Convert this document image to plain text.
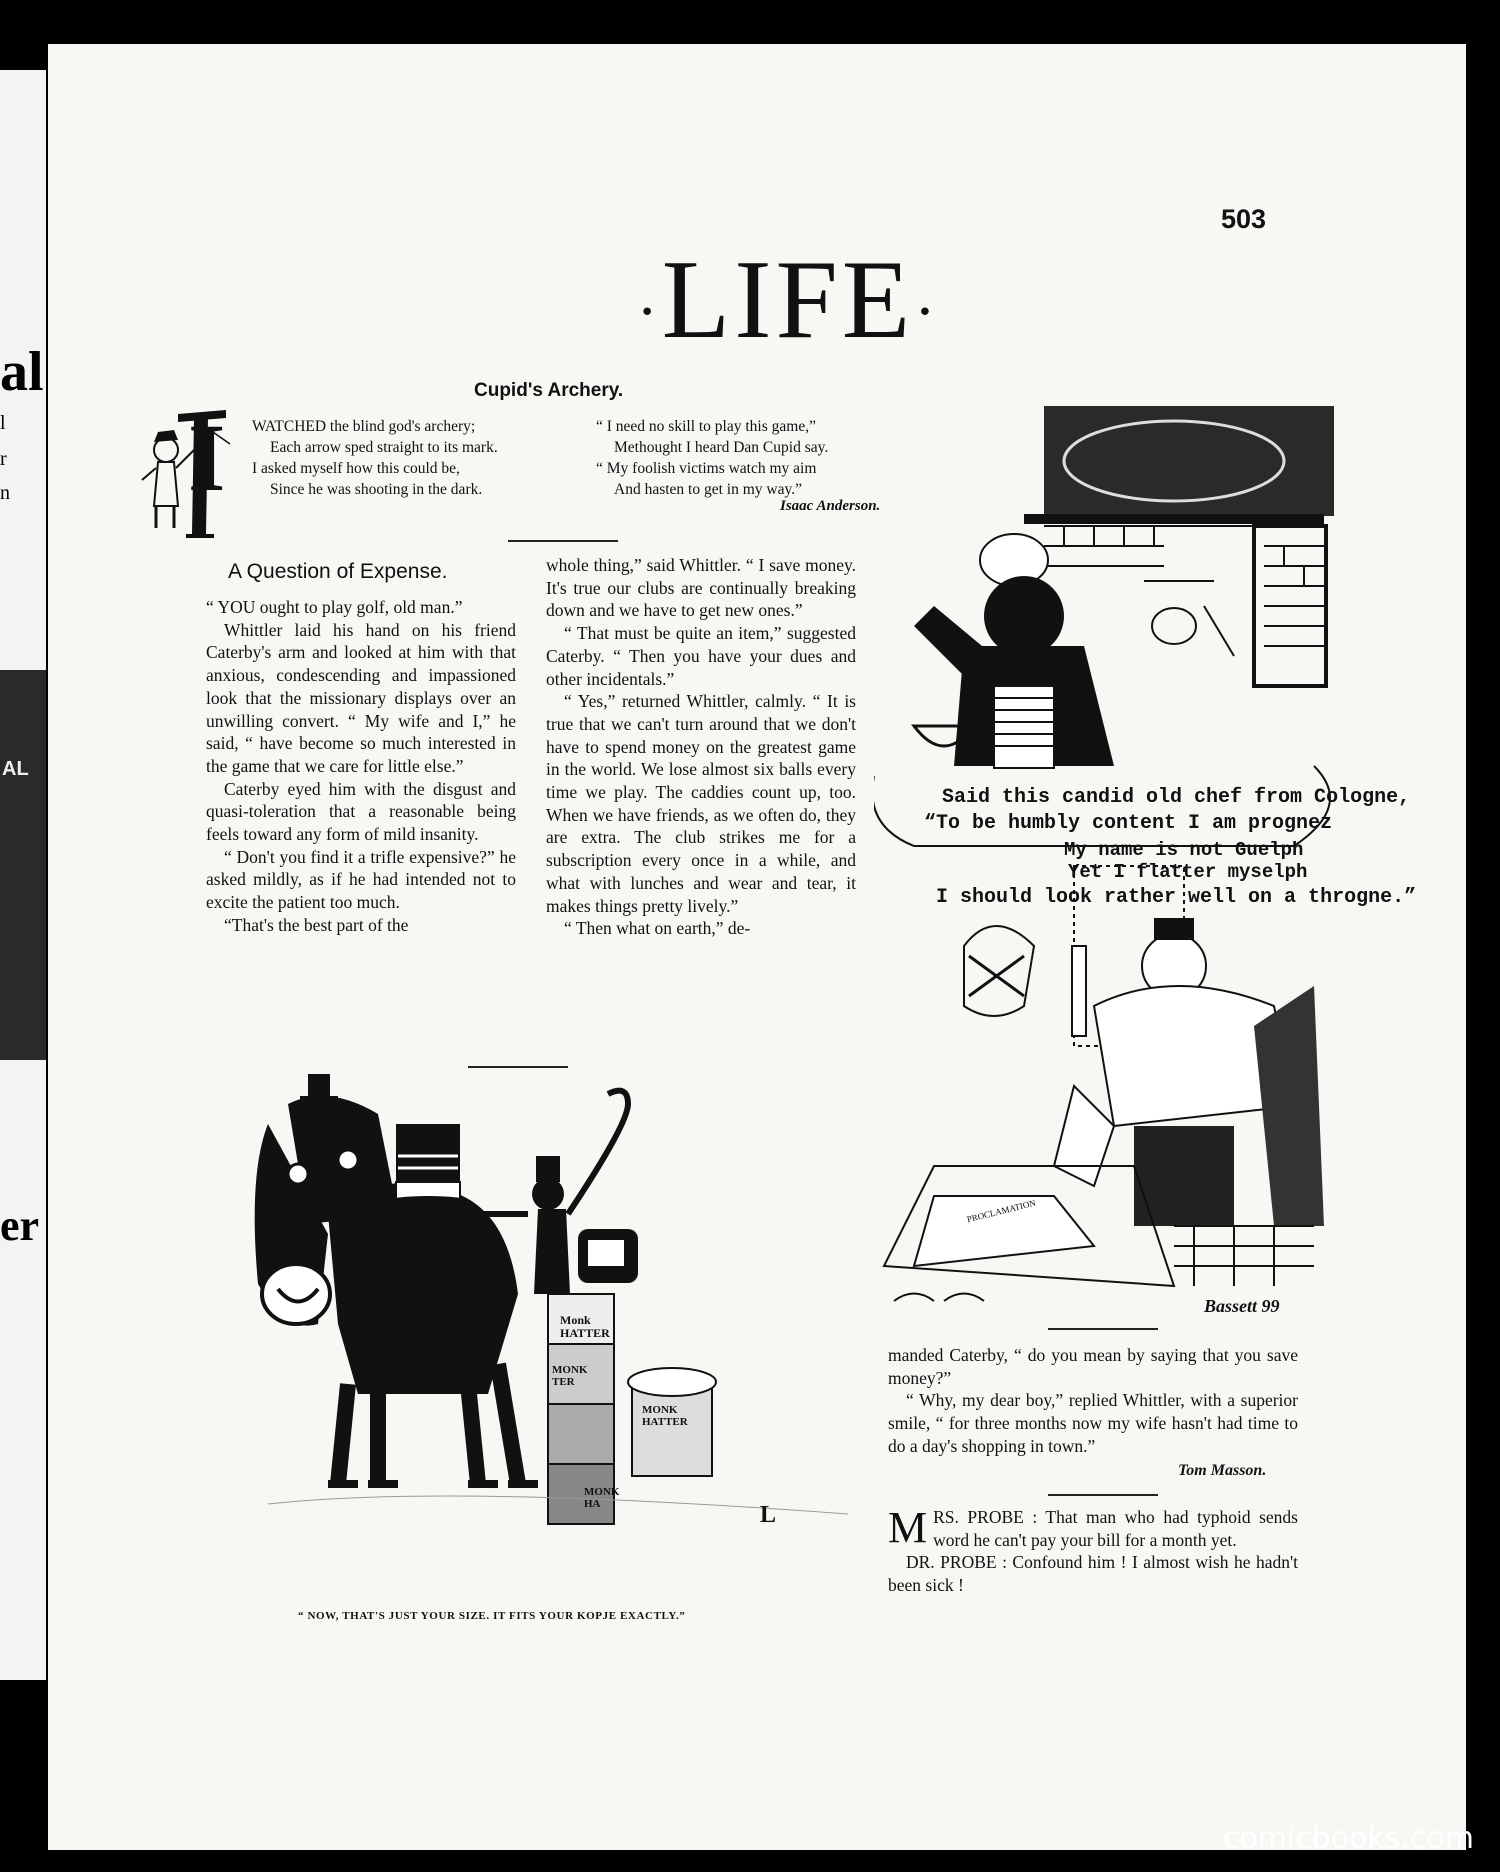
al
l
r
n
AL
er
503
·LIFE·
Cupid's Archery.
I WATCHED the blind god's archery;
Each arrow sped straight to its mark.
I asked myself how this could be,
Since he was shooting in the dark.
“ I need no skill to play this game,”
Methought I heard Dan Cupid say.
“ My foolish victims watch my aim
And hasten to get in my way.”
Isaac Anderson.
A Question of Expense.

“ YOU ought to play golf, old man.”

Whittler laid his hand on his friend Caterby's arm and looked at him with that anxious, condescending and impassioned look that the missionary displays over an unwilling convert. “ My wife and I,” he said, “ have become so much interested in the game that we care for little else.”

Caterby eyed him with the disgust and quasi-toleration that a reasonable being feels toward any form of mild insanity.

“ Don't you find it a trifle expensive?” he asked mildly, as if he had intended not to excite the patient too much.

“That's the best part of the

whole thing,” said Whittler. “ I save money. It's true our clubs are continually breaking down and we have to get new ones.”

“ That must be quite an item,” suggested Caterby. “ Then you have your dues and other incidentals.”

“ Yes,” returned Whittler, calmly. “ It is true that we can't turn around that we don't have to spend money on the greatest game in the world. We lose almost six balls every time we play. The caddies count up, too. When we have friends, as we often do, they are extra. The club strikes me for a subscription every once in a while, and what with lunches and wear and tear, it makes things pretty lively.”

“ Then what on earth,” de-

Said this candid old chef from Cologne,
“To be humbly content I am prognez
My name is not Guelph
Yet I flatter myselph
I should look rather well on a throgne.”
PROCLAMATION
Bassett 99
Monk HATTER
MONK TER
MONK HA
MONK HATTER
L
“ NOW, THAT'S JUST YOUR SIZE. IT FITS YOUR KOPJE EXACTLY.”

manded Caterby, “ do you mean by saying that you save money?”

“ Why, my dear boy,” replied Whittler, with a superior smile, “ for three months now my wife hasn't had time to do a day's shopping in town.”

Tom Masson.

MRS. PROBE : That man who had typhoid sends word he can't pay your bill for a month yet.

DR. PROBE : Confound him ! I almost wish he hadn't been sick !

comicbooks.com
